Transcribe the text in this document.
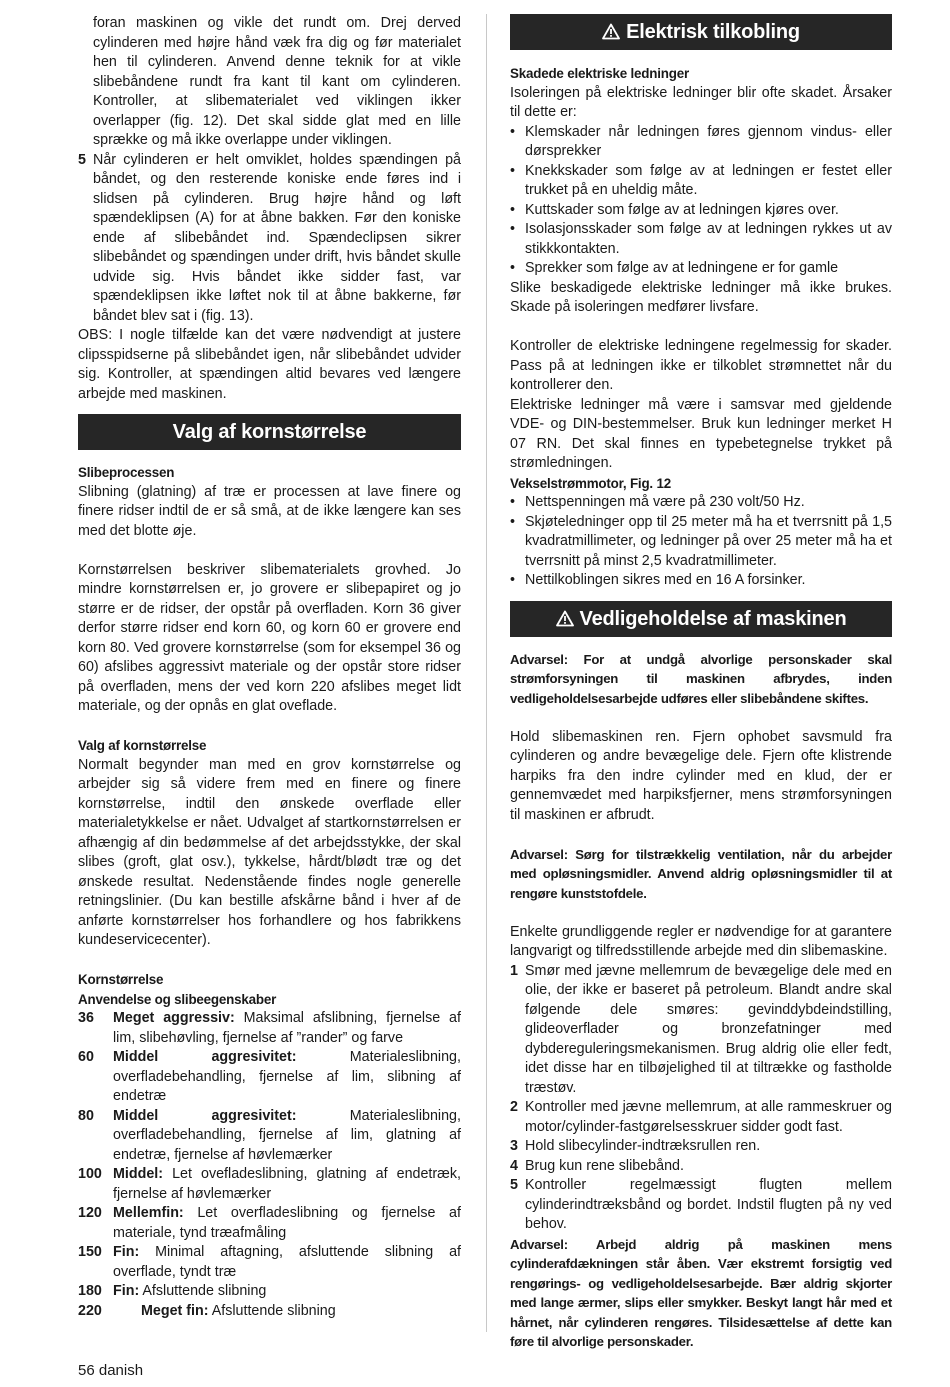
foran maskinen og vikle det rundt om. Drej derved cylinderen med højre hånd væk fra dig og før materialet hen til cylinderen. Anvend denne teknik for at vikle slibebåndene rundt fra kant til kant om cylinderen. Kontroller, at slibematerialet ved viklingen ikker overlapper (fig. 12). Det skal sidde glat med en lille sprække og må ikke overlappe under viklingen.

5 Når cylinderen er helt omviklet, holdes spændingen på båndet, og den resterende koniske ende føres ind i slidsen på cylinderen. Brug højre hånd og løft spændeklipsen (A) for at åbne bakken. Før den koniske ende af slibebåndet ind. Spændeclipsen sikrer slibebåndet og spændingen under drift, hvis båndet skulle udvide sig. Hvis båndet ikke sidder fast, var spændeklipsen ikke løftet nok til at åbne bakkerne, før båndet blev sat i (fig. 13).

OBS: I nogle tilfælde kan det være nødvendigt at justere clipsspidserne på slibebåndet igen, når slibebåndet udvider sig. Kontroller, at spændingen altid bevares ved længere arbejde med maskinen.

Valg af kornstørrelse
Slibeprocessen

Slibning (glatning) af træ er processen at lave finere og finere ridser indtil de er så små, at de ikke længere kan ses med det blotte øje.

Kornstørrelsen beskriver slibematerialets grovhed. Jo mindre kornstørrelsen er, jo grovere er slibepapiret og jo større er de ridser, der opstår på overfladen. Korn 36 giver derfor større ridser end korn 60, og korn 60 er grovere end korn 80. Ved grovere kornstørrelse (som for eksempel 36 og 60) afslibes aggressivt materiale og der opstår store ridser på overfladen, mens der ved korn 220 afslibes meget lidt materiale, og der opnås en glat oveflade.

Valg af kornstørrelse

Normalt begynder man med en grov kornstørrelse og arbejder sig så videre frem med en finere og finere kornstørrelse, indtil den ønskede overflade eller materialetykkelse er nået. Udvalget af startkornstørrelsen er afhængig af din bedømmelse af det arbejdsstykke, der skal slibes (groft, glat osv.), tykkelse, hårdt/blødt træ og det ønskede resultat. Nedenstående findes nogle generelle retningslinier. (Du kan bestille afskårne bånd i hver af de anførte kornstørrelser hos forhandlere og hos fabrikkens kundeservicecenter).

Kornstørrelse
Anvendelse og slibeegenskaber
36	Meget aggressiv: Maksimal afslibning, fjernelse af lim, slibehøvling, fjernelse af ”rander” og farve
60	Middel aggresivitet:	Materialeslibning, overfladebehandling, fjernelse af lim, slibning af endetræ
80	Middel aggresivitet:	Materialeslibning, overfladebehandling, fjernelse af lim, glatning af endetræ, fjernelse af høvlemærker
100 Middel: Let ovefladeslibning, glatning af endetræk, fjernelse af høvlemærker
120 Mellemfin: Let overfladeslibning og fjernelse af materiale, tynd træafmåling
150 Fin: Minimal aftagning, afsluttende slibning af overflade, tyndt træ
180 Fin: Afsluttende slibning
220	Meget fin: Afsluttende slibning
Elektrisk tilkobling
Skadede elektriske ledninger

Isoleringen på elektriske ledninger blir ofte skadet. Årsaker til dette er:

• Klemskader når ledningen føres gjennom vindus- eller dørsprekker
• Knekkskader som følge av at ledningen er festet eller trukket på en uheldig måte.
• Kuttskader som følge av at ledningen kjøres over.
• Isolasjonsskader som følge av at ledningen rykkes ut av stikkkontakten.
• Sprekker som følge av at ledningene er for gamle

Slike beskadigede elektriske ledninger må ikke brukes. Skade på isoleringen medfører livsfare.

Kontroller de elektriske ledningene regelmessig for skader. Pass på at ledningen ikke er tilkoblet strømnettet når du kontrollerer den.

Elektriske ledninger må være i samsvar med gjeldende VDE- og DIN-bestemmelser. Bruk kun ledninger merket H 07 RN. Det skal finnes en typebetegnelse trykket på strømledningen.

Vekselstrømmotor, Fig. 12
• Nettspenningen må være på 230 volt/50 Hz.
• Skjøteledninger opp til 25 meter må ha et tverrsnitt på 1,5 kvadratmillimeter, og ledninger på over 25 meter må ha et tverrsnitt på minst 2,5 kvadratmillimeter.
• Nettilkoblingen sikres med en 16 A forsinker.
Vedligeholdelse af maskinen

Advarsel: For at undgå alvorlige personskader skal strømforsyningen til maskinen afbrydes, inden vedligeholdelsesarbejde udføres eller slibebåndene skiftes.

Hold slibemaskinen ren. Fjern ophobet savsmuld fra cylinderen og andre bevægelige dele. Fjern ofte klistrende harpiks fra den indre cylinder med en klud, der er gennemvædet med harpiksfjerner, mens strømforsyningen til maskinen er afbrudt.

Advarsel: Sørg for tilstrækkelig ventilation, når du arbejder med opløsningsmidler. Anvend aldrig opløsningsmidler til at rengøre kunststofdele.

Enkelte grundliggende regler er nødvendige for at garantere langvarigt og tilfredsstillende arbejde med din slibemaskine.

1 Smør med jævne mellemrum de bevægelige dele med en olie, der ikke er baseret på petroleum. Blandt andre skal følgende dele smøres: gevinddybdeindstilling, glideoverflader og bronzefatninger med dybdereguleringsmekanismen. Brug aldrig olie eller fedt, idet disse har en tilbøjelighed til at tiltrække og fastholde træstøv.
2 Kontroller med jævne mellemrum, at alle rammeskruer og motor/cylinder-fastgørelsesskruer sidder godt fast.
3 Hold slibecylinder-indtræksrullen ren.
4 Brug kun rene slibebånd.
5 Kontroller regelmæssigt flugten mellem cylinderindtræksbånd og bordet. Indstil flugten på ny ved behov.

Advarsel: Arbejd aldrig på maskinen mens cylinderafdækningen står åben. Vær ekstremt forsigtig ved rengørings- og vedligeholdelsesarbejde. Bær aldrig skjorter med lange ærmer, slips eller smykker. Beskyt langt hår med et hårnet, når cylinderen rengøres. Tilsidesættelse af dette kan føre til alvorlige personskader.

56 danish
